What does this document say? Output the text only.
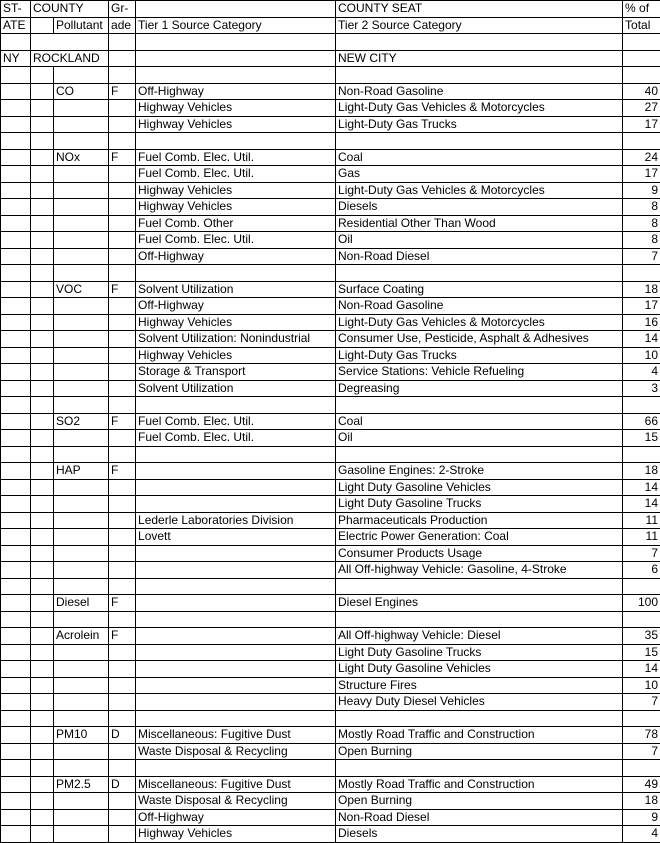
ST-	COUNTY		Gr-		COUNTY SEAT	% of
ATE		Pollutant	ade	Tier 1 Source Category	Tier 2 Source Category	Total

NY	ROCKLAND				NEW CITY	

		CO	F	Off-Highway	Non-Road Gasoline	40
				Highway Vehicles	Light-Duty Gas Vehicles & Motorcycles	27
				Highway Vehicles	Light-Duty Gas Trucks	17

		NOx	F	Fuel Comb. Elec. Util.	Coal	24
				Fuel Comb. Elec. Util.	Gas	17
				Highway Vehicles	Light-Duty Gas Vehicles & Motorcycles	9
				Highway Vehicles	Diesels	8
				Fuel Comb. Other	Residential Other Than Wood	8
				Fuel Comb. Elec. Util.	Oil	8
				Off-Highway	Non-Road Diesel	7

		VOC	F	Solvent Utilization	Surface Coating	18
				Off-Highway	Non-Road Gasoline	17
				Highway Vehicles	Light-Duty Gas Vehicles & Motorcycles	16
				Solvent Utilization: Nonindustrial	Consumer Use, Pesticide, Asphalt & Adhesives	14
				Highway Vehicles	Light-Duty Gas Trucks	10
				Storage & Transport	Service Stations: Vehicle Refueling	4
				Solvent Utilization	Degreasing	3

		SO2	F	Fuel Comb. Elec. Util.	Coal	66
				Fuel Comb. Elec. Util.	Oil	15

		HAP	F		Gasoline Engines: 2-Stroke	18
					Light Duty Gasoline Vehicles	14
					Light Duty Gasoline Trucks	14
				Lederle Laboratories Division	Pharmaceuticals Production	11
				Lovett	Electric Power Generation: Coal	11
					Consumer Products Usage	7
					All Off-highway Vehicle: Gasoline, 4-Stroke	6

		Diesel	F		Diesel Engines	100

		Acrolein	F		All Off-highway Vehicle: Diesel	35
					Light Duty Gasoline Trucks	15
					Light Duty Gasoline Vehicles	14
					Structure Fires	10
					Heavy Duty Diesel Vehicles	7

		PM10	D	Miscellaneous: Fugitive Dust	Mostly Road Traffic and Construction	78
				Waste Disposal & Recycling	Open Burning	7

		PM2.5	D	Miscellaneous: Fugitive Dust	Mostly Road Traffic and Construction	49
				Waste Disposal & Recycling	Open Burning	18
				Off-Highway	Non-Road Diesel	9
				Highway Vehicles	Diesels	4
